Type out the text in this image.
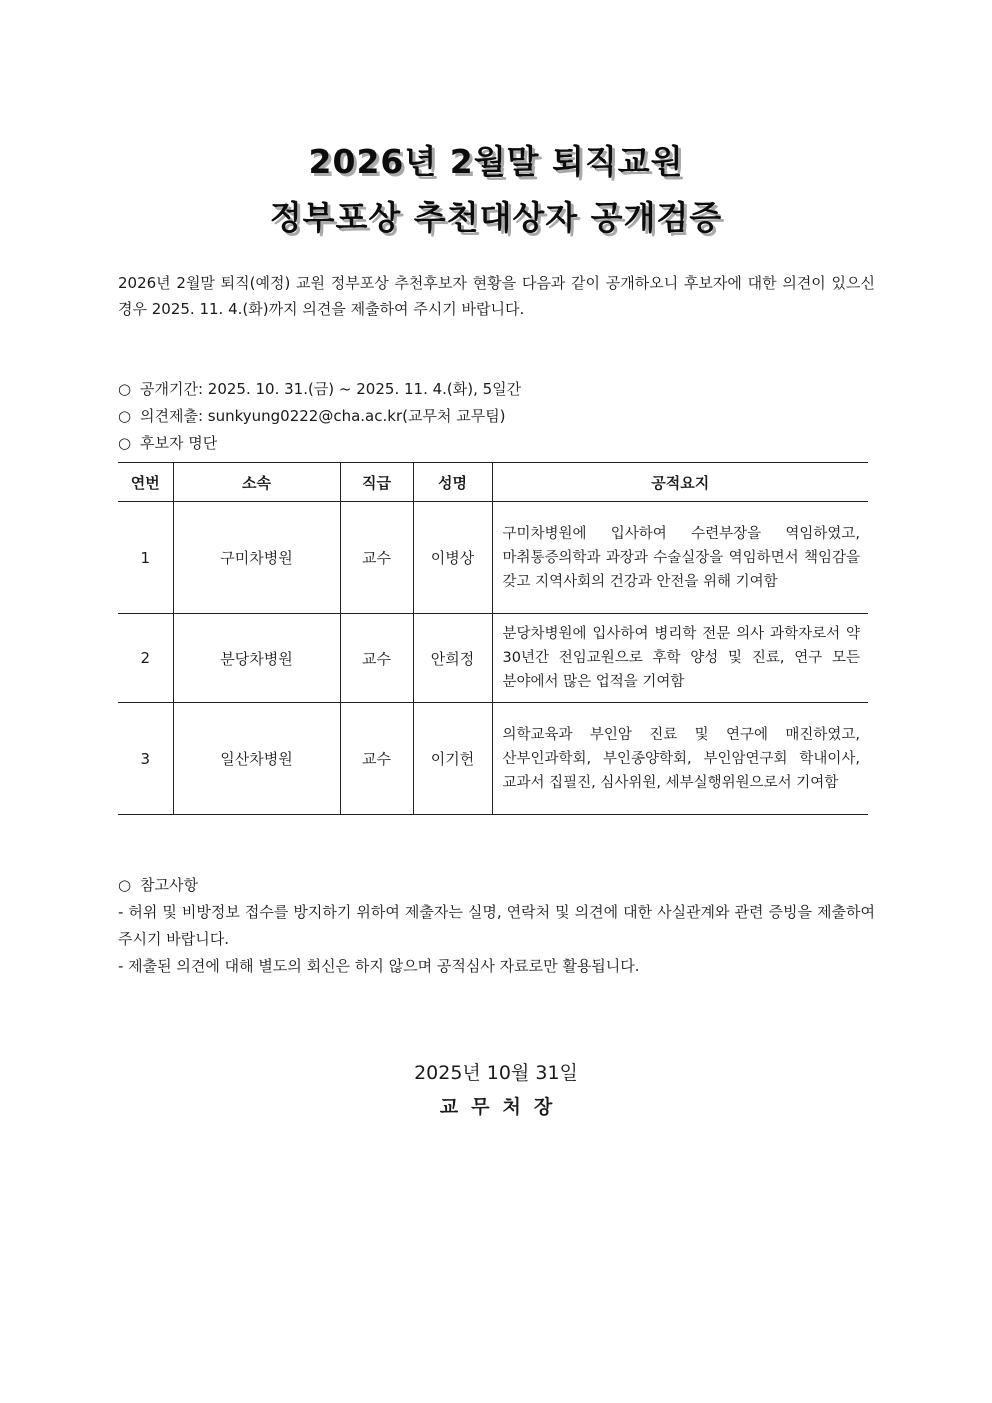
2026년 2월말 퇴직교원
정부포상 추천대상자 공개검증
2026년 2월말 퇴직(예정) 교원 정부포상 추천후보자 현황을 다음과 같이 공개하오니 후보자에 대한 의견이 있으신 경우 2025. 11. 4.(화)까지 의견을 제출하여 주시기 바랍니다.
○ 공개기간: 2025. 10. 31.(금) ~ 2025. 11. 4.(화), 5일간
○ 의견제출: sunkyung0222@cha.ac.kr(교무처 교무팀)
○ 후보자 명단
연번	소속	직급	성명	공적요지
1	구미차병원	교수	이병상	구미차병원에 입사하여 수련부장을 역임하였고, 마취통증의학과 과장과 수술실장을 역임하면서 책임감을 갖고 지역사회의 건강과 안전을 위해 기여함
2	분당차병원	교수	안희정	분당차병원에 입사하여 병리학 전문 의사 과학자로서 약 30년간 전임교원으로 후학 양성 및 진료, 연구 모든 분야에서 많은 업적을 기여함
3	일산차병원	교수	이기헌	의학교육과 부인암 진료 및 연구에 매진하였고, 산부인과학회, 부인종양학회, 부인암연구회 학내이사, 교과서 집필진, 심사위원, 세부실행위원으로서 기여함
○ 참고사항
- 허위 및 비방정보 접수를 방지하기 위하여 제출자는 실명, 연락처 및 의견에 대한 사실관계와 관련 증빙을 제출하여 주시기 바랍니다.
- 제출된 의견에 대해 별도의 회신은 하지 않으며 공적심사 자료로만 활용됩니다.
2025년 10월 31일
교무처장
